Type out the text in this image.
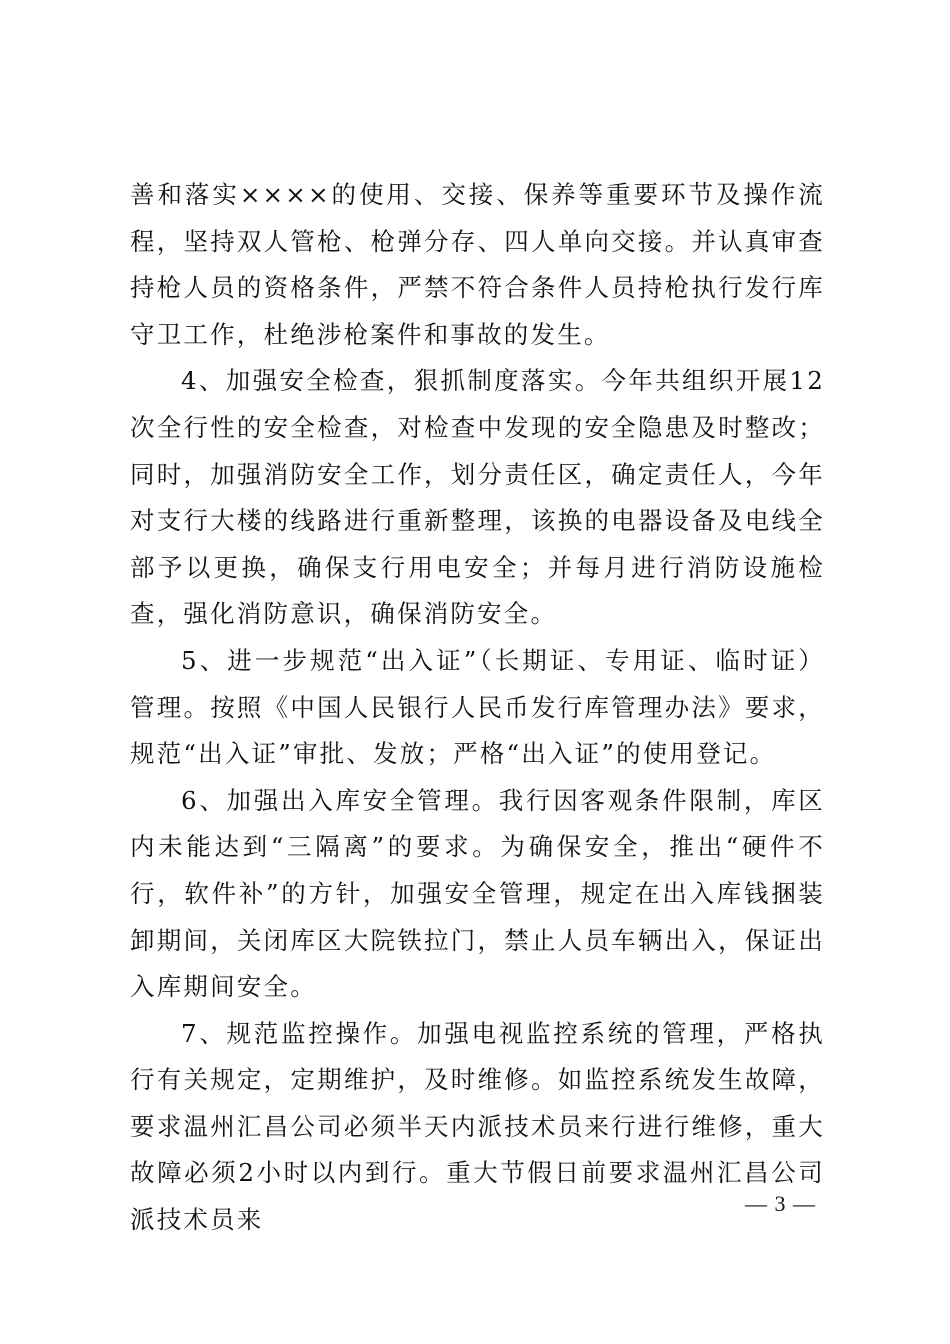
善和落实××××的使用、交接、保养等重要环节及操作流程，坚持双人管枪、枪弹分存、四人单向交接。并认真审查持枪人员的资格条件，严禁不符合条件人员持枪执行发行库守卫工作，杜绝涉枪案件和事故的发生。

4、加强安全检查，狠抓制度落实。今年共组织开展12次全行性的安全检查，对检查中发现的安全隐患及时整改；同时，加强消防安全工作，划分责任区，确定责任人，今年对支行大楼的线路进行重新整理，该换的电器设备及电线全部予以更换，确保支行用电安全；并每月进行消防设施检查，强化消防意识，确保消防安全。

5、进一步规范“出入证”（长期证、专用证、临时证）管理。按照《中国人民银行人民币发行库管理办法》要求，规范“出入证”审批、发放；严格“出入证”的使用登记。

6、加强出入库安全管理。我行因客观条件限制，库区内未能达到“三隔离”的要求。为确保安全，推出“硬件不行，软件补”的方针，加强安全管理，规定在出入库钱捆装卸期间，关闭库区大院铁拉门，禁止人员车辆出入，保证出入库期间安全。

7、规范监控操作。加强电视监控系统的管理，严格执行有关规定，定期维护，及时维修。如监控系统发生故障，要求温州汇昌公司必须半天内派技术员来行进行维修，重大故障必须2小时以内到行。重大节假日前要求温州汇昌公司派技术员来

— 3 —
